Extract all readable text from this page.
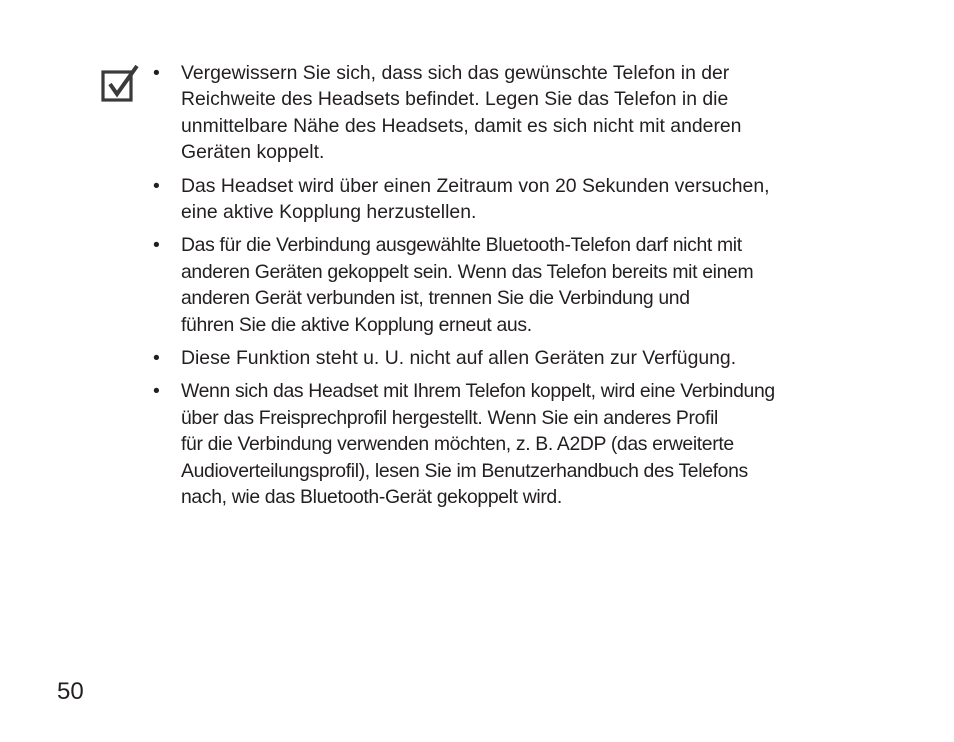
•	Vergewissern Sie sich, dass sich das gewünschte Telefon in der
Reichweite des Headsets befindet. Legen Sie das Telefon in die
unmittelbare Nähe des Headsets, damit es sich nicht mit anderen
Geräten koppelt.
•	Das Headset wird über einen Zeitraum von 20 Sekunden versuchen,
eine aktive Kopplung herzustellen.
•	Das für die Verbindung ausgewählte Bluetooth-Telefon darf nicht mit
anderen Geräten gekoppelt sein. Wenn das Telefon bereits mit einem
anderen Gerät verbunden ist, trennen Sie die Verbindung und
führen Sie die aktive Kopplung erneut aus.
•	Diese Funktion steht u. U. nicht auf allen Geräten zur Verfügung.
•	Wenn sich das Headset mit Ihrem Telefon koppelt, wird eine Verbindung
über das Freisprechprofil hergestellt. Wenn Sie ein anderes Profil
für die Verbindung verwenden möchten, z. B. A2DP (das erweiterte
Audioverteilungsprofil), lesen Sie im Benutzerhandbuch des Telefons
nach, wie das Bluetooth-Gerät gekoppelt wird.
50
